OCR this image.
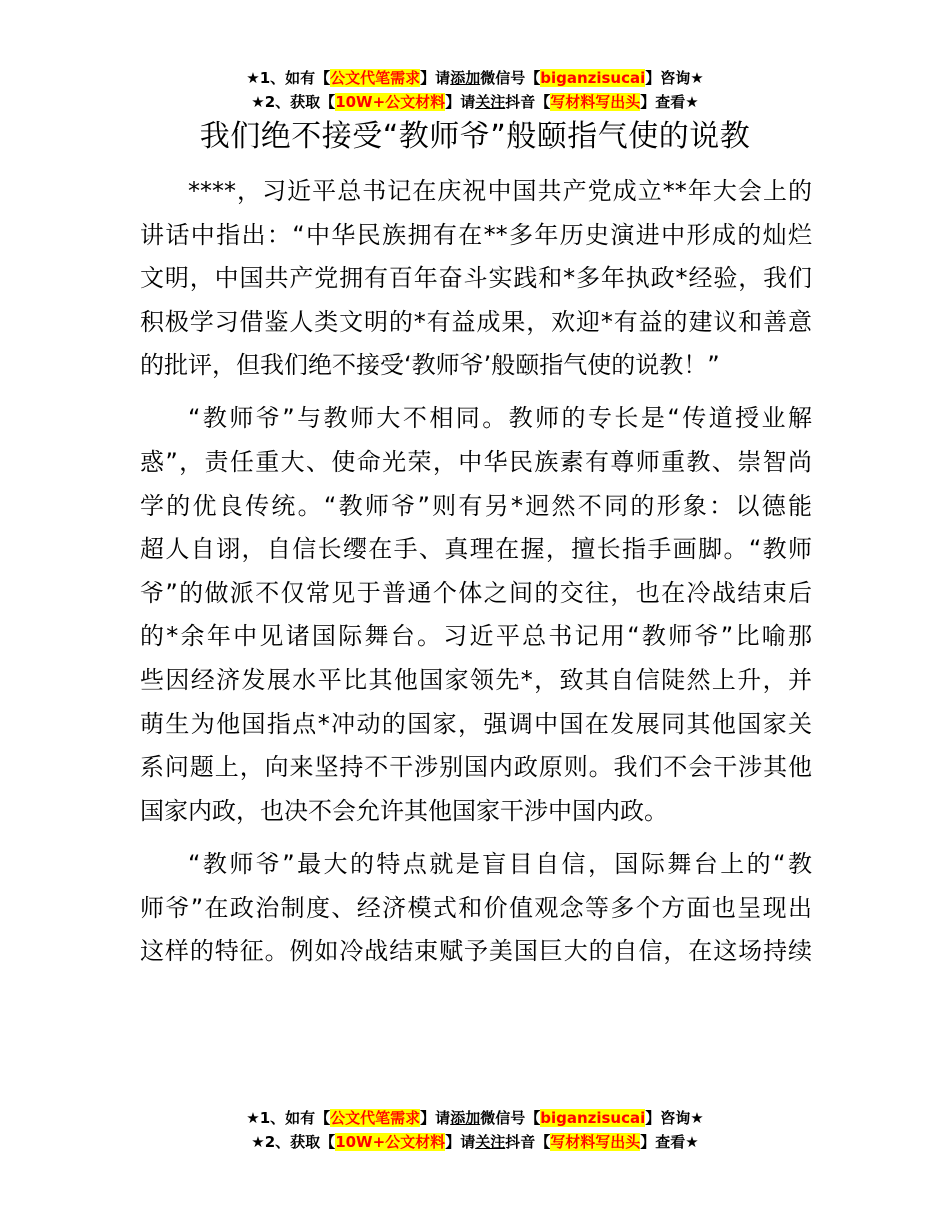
★1、如有【公文代笔需求】请添加微信号【biganzisucai】咨询★
★2、获取【10W+公文材料】请关注抖音【写材料写出头】查看★
我们绝不接受“教师爷”般颐指气使的说教
****，习近平总书记在庆祝中国共产党成立**年大会上的
讲话中指出：“中华民族拥有在**多年历史演进中形成的灿烂
文明，中国共产党拥有百年奋斗实践和*多年执政*经验，我们
积极学习借鉴人类文明的*有益成果，欢迎*有益的建议和善意
的批评，但我们绝不接受‘教师爷’般颐指气使的说教！”
“教师爷”与教师大不相同。教师的专长是“传道授业解
惑”，责任重大、使命光荣，中华民族素有尊师重教、崇智尚
学的优良传统。“教师爷”则有另*迥然不同的形象：以德能
超人自诩，自信长缨在手、真理在握，擅长指手画脚。“教师
爷”的做派不仅常见于普通个体之间的交往，也在冷战结束后
的*余年中见诸国际舞台。习近平总书记用“教师爷”比喻那
些因经济发展水平比其他国家领先*，致其自信陡然上升，并
萌生为他国指点*冲动的国家，强调中国在发展同其他国家关
系问题上，向来坚持不干涉别国内政原则。我们不会干涉其他
国家内政，也决不会允许其他国家干涉中国内政。
“教师爷”最大的特点就是盲目自信，国际舞台上的“教
师爷”在政治制度、经济模式和价值观念等多个方面也呈现出
这样的特征。例如冷战结束赋予美国巨大的自信，在这场持续
★1、如有【公文代笔需求】请添加微信号【biganzisucai】咨询★
★2、获取【10W+公文材料】请关注抖音【写材料写出头】查看★
